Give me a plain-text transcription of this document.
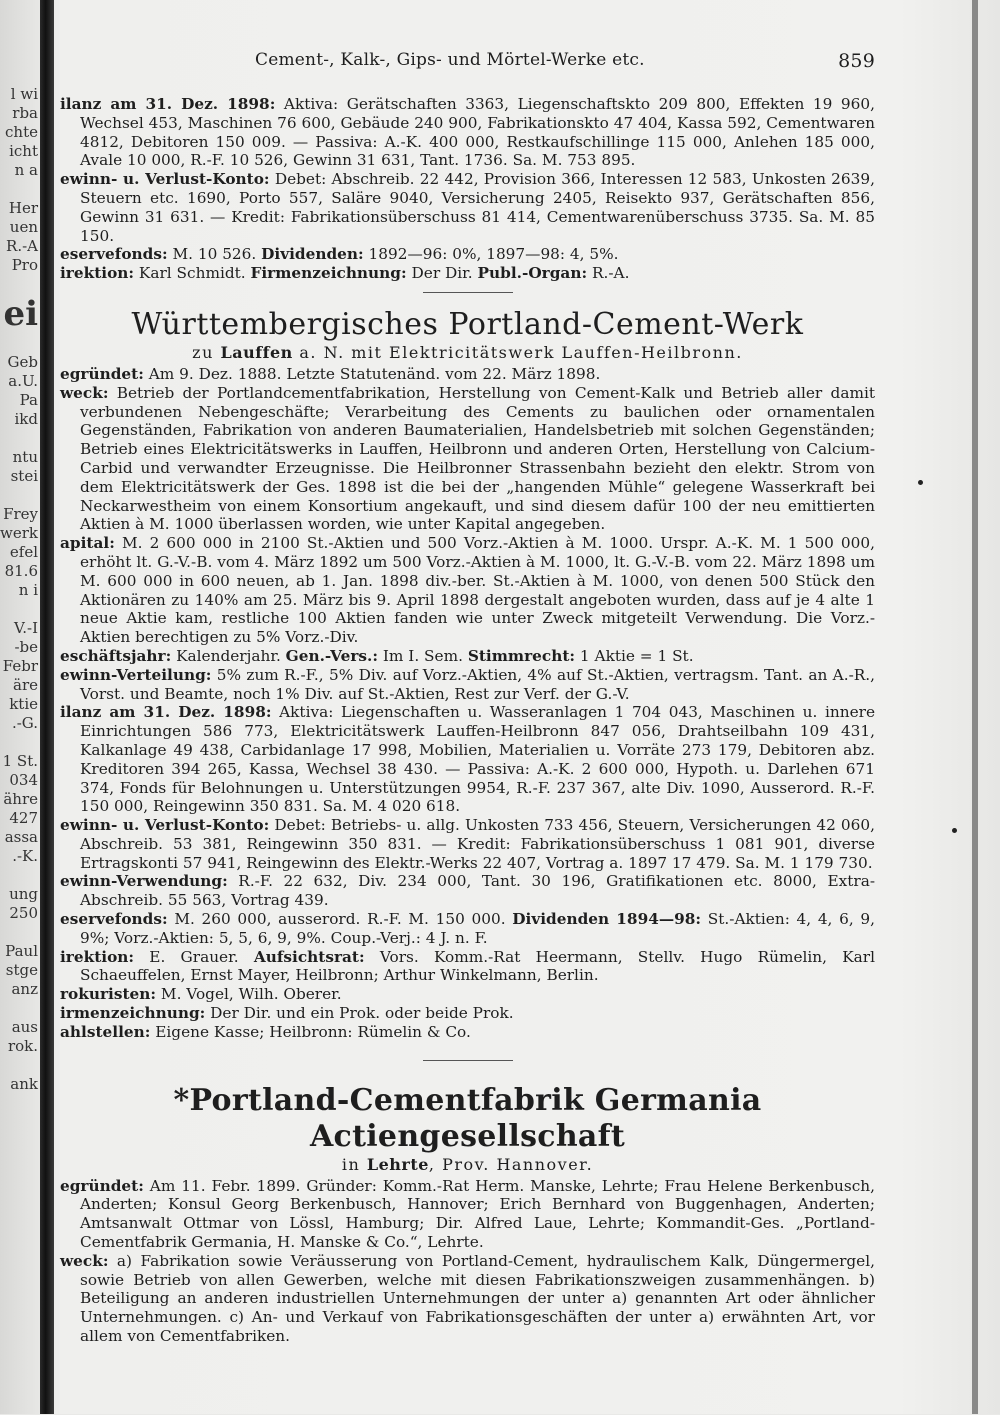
l wi
rba
chte
icht
n a
Her
uen
R.-A
Pro
ei
Geb
a.U.
Pa
ikd
ntu
stei
Frey
werk
efel
81.6
n i
V.-I
-be
Febr
äre
ktie
.-G.
1 St.
034
ähre
427
assa
.-K.
ung
250
Paul
stge
anz
aus
rok.
ank
Cement-, Kalk-, Gips- und Mörtel-Werke etc.	859

ilanz am 31. Dez. 1898: Aktiva: Gerätschaften 3363, Liegenschaftskto 209 800, Effekten 19 960, Wechsel 453, Maschinen 76 600, Gebäude 240 900, Fabrikationskto 47 404, Kassa 592, Cementwaren 4812, Debitoren 150 009. — Passiva: A.-K. 400 000, Restkaufschillinge 115 000, Anlehen 185 000, Avale 10 000, R.-F. 10 526, Gewinn 31 631, Tant. 1736. Sa. M. 753 895.

ewinn- u. Verlust-Konto: Debet: Abschreib. 22 442, Provision 366, Interessen 12 583, Unkosten 2639, Steuern etc. 1690, Porto 557, Saläre 9040, Versicherung 2405, Reisekto 937, Gerätschaften 856, Gewinn 31 631. — Kredit: Fabrikationsüberschuss 81 414, Cementwarenüberschuss 3735. Sa. M. 85 150.

eservefonds: M. 10 526. Dividenden: 1892—96: 0%, 1897—98: 4, 5%.

irektion: Karl Schmidt. Firmenzeichnung: Der Dir. Publ.-Organ: R.-A.

Württembergisches Portland-Cement-Werk
zu Lauffen a. N. mit Elektricitätswerk Lauffen-Heilbronn.

egründet: Am 9. Dez. 1888. Letzte Statutenänd. vom 22. März 1898.

weck: Betrieb der Portlandcementfabrikation, Herstellung von Cement-Kalk und Betrieb aller damit verbundenen Nebengeschäfte; Verarbeitung des Cements zu baulichen oder ornamentalen Gegenständen, Fabrikation von anderen Baumaterialien, Handelsbetrieb mit solchen Gegenständen; Betrieb eines Elektricitätswerks in Lauffen, Heilbronn und anderen Orten, Herstellung von Calcium-Carbid und verwandter Erzeugnisse. Die Heilbronner Strassenbahn bezieht den elektr. Strom von dem Elektricitätswerk der Ges. 1898 ist die bei der „hangenden Mühle“ gelegene Wasserkraft bei Neckarwestheim von einem Konsortium angekauft, und sind diesem dafür 100 der neu emittierten Aktien à M. 1000 überlassen worden, wie unter Kapital angegeben.

apital: M. 2 600 000 in 2100 St.-Aktien und 500 Vorz.-Aktien à M. 1000. Urspr. A.-K. M. 1 500 000, erhöht lt. G.-V.-B. vom 4. März 1892 um 500 Vorz.-Aktien à M. 1000, lt. G.-V.-B. vom 22. März 1898 um M. 600 000 in 600 neuen, ab 1. Jan. 1898 div.-ber. St.-Aktien à M. 1000, von denen 500 Stück den Aktionären zu 140% am 25. März bis 9. April 1898 dergestalt angeboten wurden, dass auf je 4 alte 1 neue Aktie kam, restliche 100 Aktien fanden wie unter Zweck mitgeteilt Verwendung. Die Vorz.-Aktien berechtigen zu 5% Vorz.-Div.

eschäftsjahr: Kalenderjahr. Gen.-Vers.: Im I. Sem. Stimmrecht: 1 Aktie = 1 St.

ewinn-Verteilung: 5% zum R.-F., 5% Div. auf Vorz.-Aktien, 4% auf St.-Aktien, vertragsm. Tant. an A.-R., Vorst. und Beamte, noch 1% Div. auf St.-Aktien, Rest zur Verf. der G.-V.

ilanz am 31. Dez. 1898: Aktiva: Liegenschaften u. Wasseranlagen 1 704 043, Maschinen u. innere Einrichtungen 586 773, Elektricitätswerk Lauffen-Heilbronn 847 056, Drahtseilbahn 109 431, Kalkanlage 49 438, Carbidanlage 17 998, Mobilien, Materialien u. Vorräte 273 179, Debitoren abz. Kreditoren 394 265, Kassa, Wechsel 38 430. — Passiva: A.-K. 2 600 000, Hypoth. u. Darlehen 671 374, Fonds für Belohnungen u. Unterstützungen 9954, R.-F. 237 367, alte Div. 1090, Ausserord. R.-F. 150 000, Reingewinn 350 831. Sa. M. 4 020 618.

ewinn- u. Verlust-Konto: Debet: Betriebs- u. allg. Unkosten 733 456, Steuern, Versicherungen 42 060, Abschreib. 53 381, Reingewinn 350 831. — Kredit: Fabrikationsüberschuss 1 081 901, diverse Ertragskonti 57 941, Reingewinn des Elektr.-Werks 22 407, Vortrag a. 1897 17 479. Sa. M. 1 179 730.

ewinn-Verwendung: R.-F. 22 632, Div. 234 000, Tant. 30 196, Gratifikationen etc. 8000, Extra-Abschreib. 55 563, Vortrag 439.

eservefonds: M. 260 000, ausserord. R.-F. M. 150 000. Dividenden 1894—98: St.-Aktien: 4, 4, 6, 9, 9%; Vorz.-Aktien: 5, 5, 6, 9, 9%. Coup.-Verj.: 4 J. n. F.

irektion: E. Grauer. Aufsichtsrat: Vors. Komm.-Rat Heermann, Stellv. Hugo Rümelin, Karl Schaeuffelen, Ernst Mayer, Heilbronn; Arthur Winkelmann, Berlin.

rokuristen: M. Vogel, Wilh. Oberer.

irmenzeichnung: Der Dir. und ein Prok. oder beide Prok.

ahlstellen: Eigene Kasse; Heilbronn: Rümelin & Co.

*Portland-Cementfabrik Germania Actiengesellschaft
in Lehrte, Prov. Hannover.

egründet: Am 11. Febr. 1899. Gründer: Komm.-Rat Herm. Manske, Lehrte; Frau Helene Berkenbusch, Anderten; Konsul Georg Berkenbusch, Hannover; Erich Bernhard von Buggenhagen, Anderten; Amtsanwalt Ottmar von Lössl, Hamburg; Dir. Alfred Laue, Lehrte; Kommandit-Ges. „Portland-Cementfabrik Germania, H. Manske & Co.“, Lehrte.

weck: a) Fabrikation sowie Veräusserung von Portland-Cement, hydraulischem Kalk, Düngermergel, sowie Betrieb von allen Gewerben, welche mit diesen Fabrikationszweigen zusammenhängen. b) Beteiligung an anderen industriellen Unternehmungen der unter a) genannten Art oder ähnlicher Unternehmungen. c) An- und Verkauf von Fabrikationsgeschäften der unter a) erwähnten Art, vor allem von Cementfabriken.
